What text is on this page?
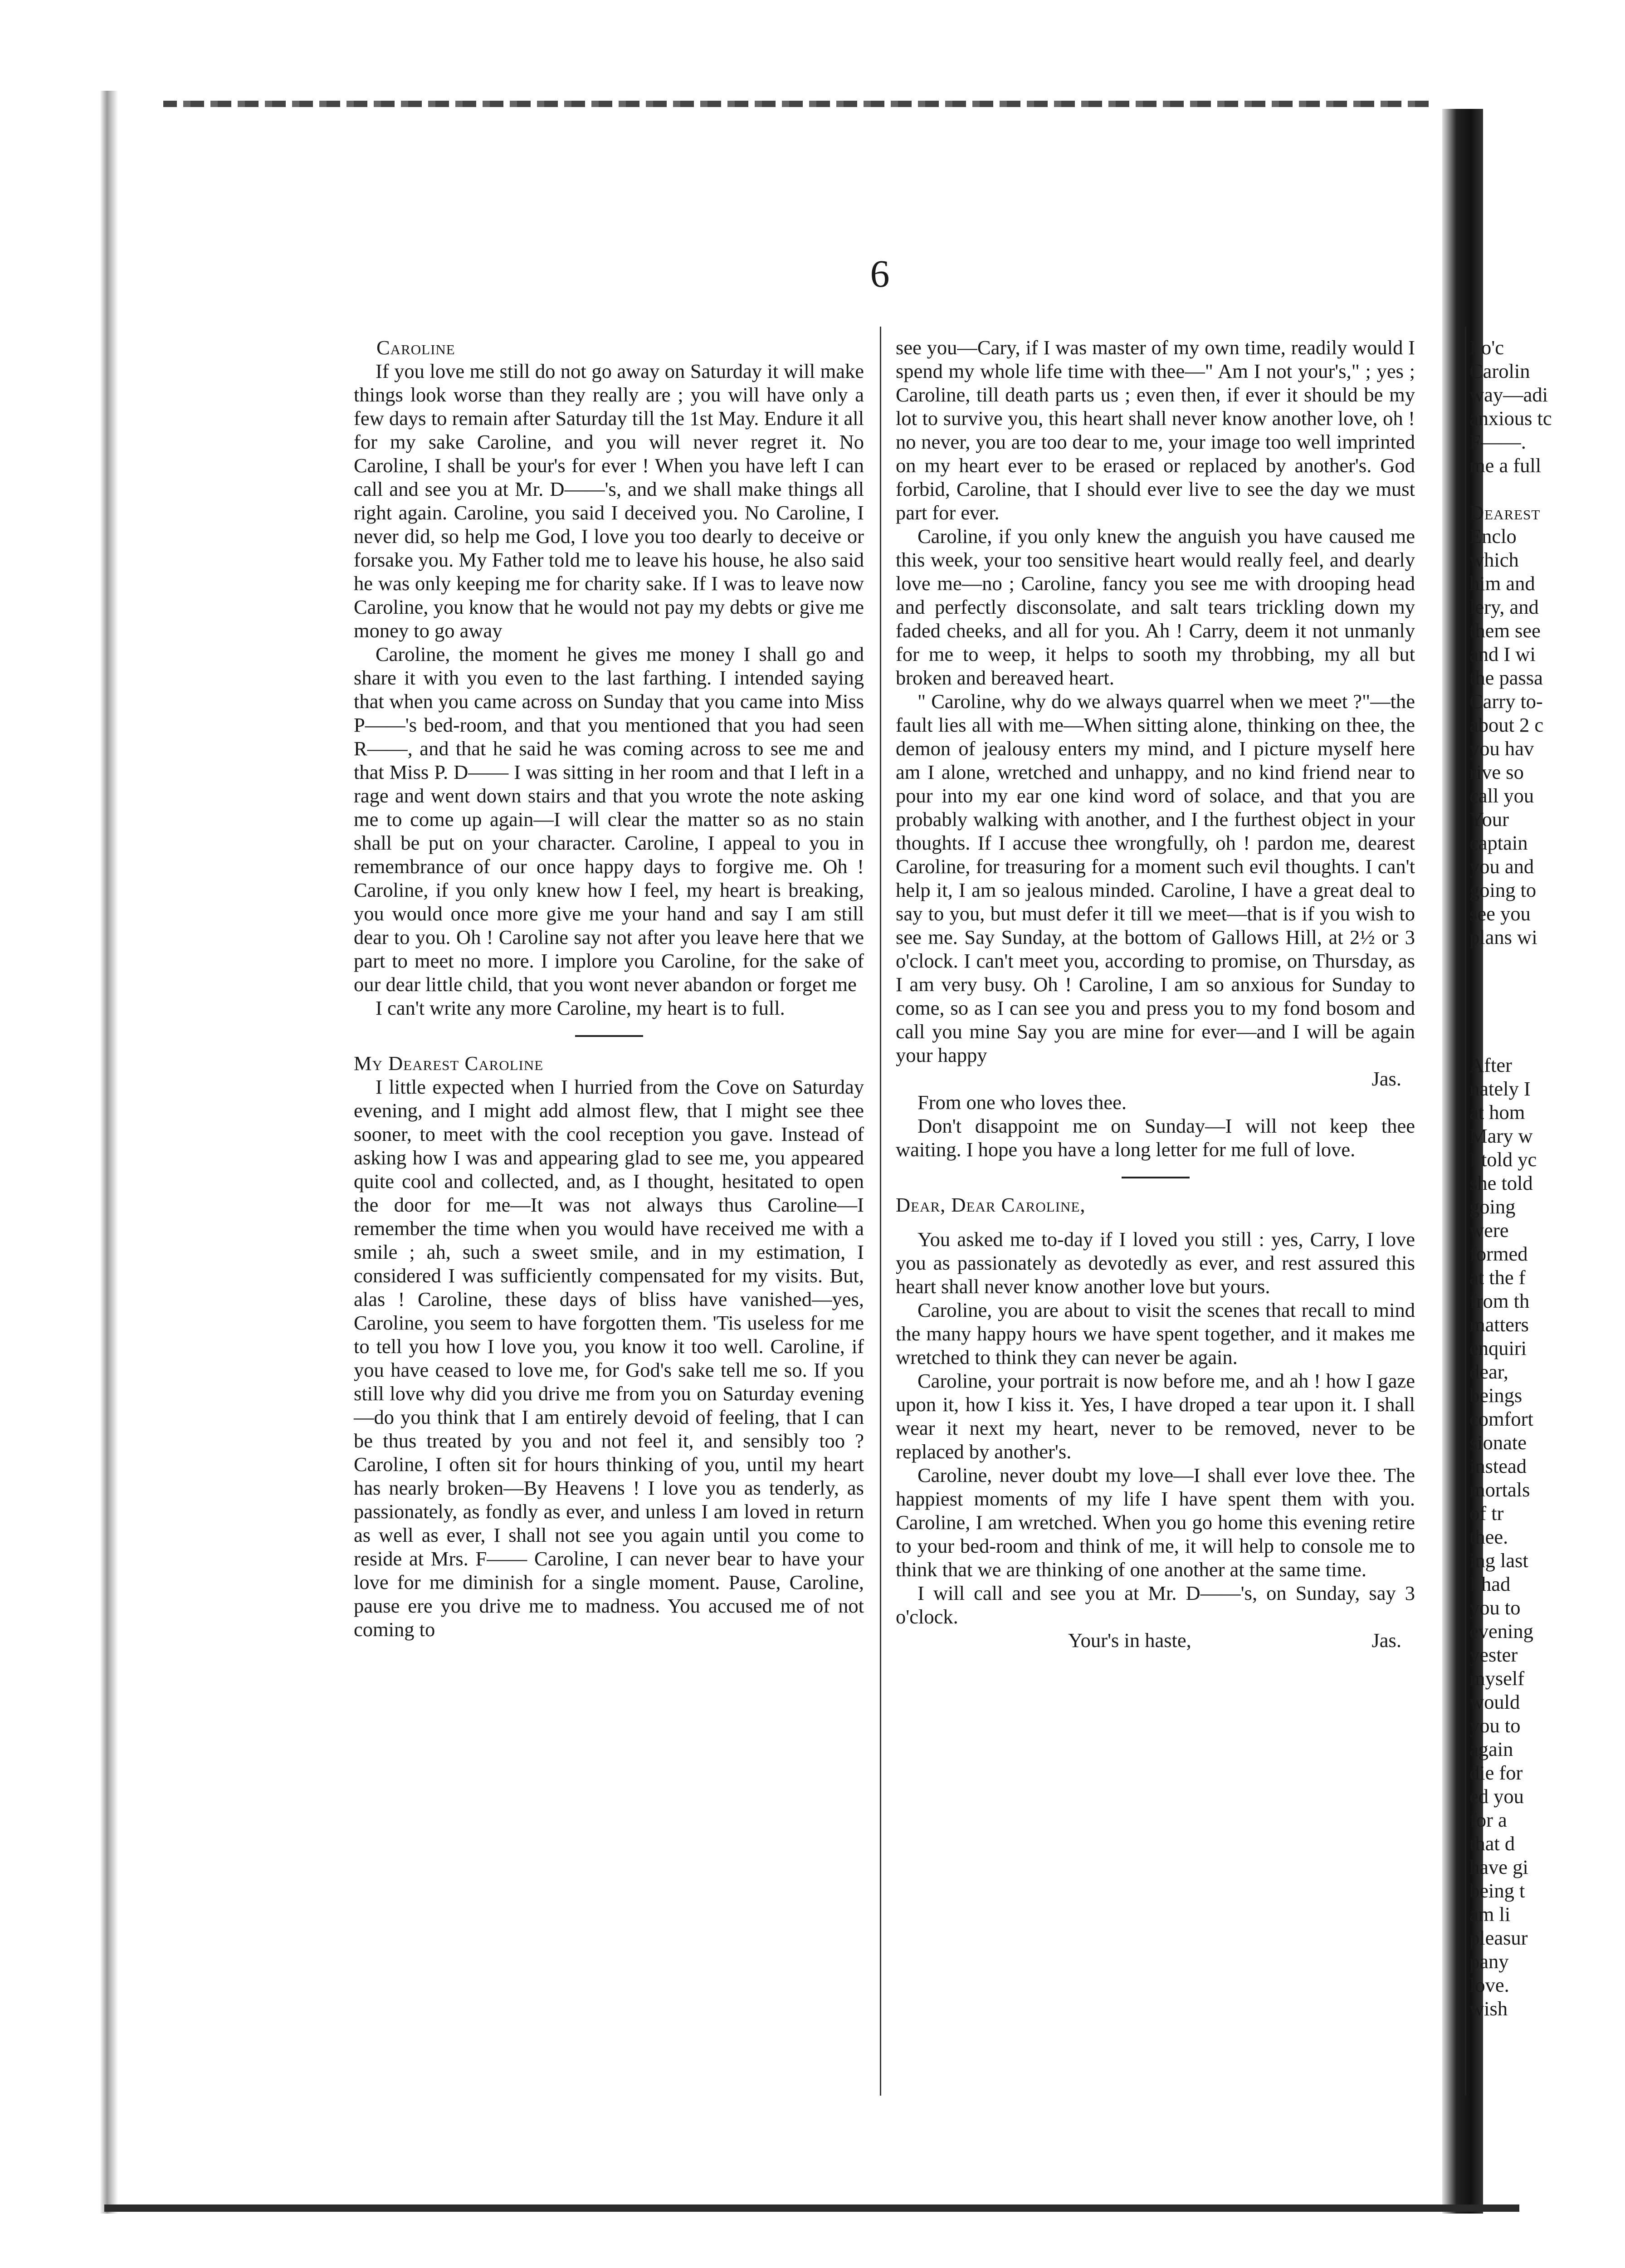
6

Caroline

If you love me still do not go away on Saturday it will make things look worse than they really are ; you will have only a few days to remain after Saturday till the 1st May. Endure it all for my sake Caroline, and you will never regret it. No Caroline, I shall be your's for ever ! When you have left I can call and see you at Mr. D——'s, and we shall make things all right again. Caroline, you said I deceived you. No Caroline, I never did, so help me God, I love you too dearly to deceive or forsake you. My Father told me to leave his house, he also said he was only keeping me for charity sake. If I was to leave now Caroline, you know that he would not pay my debts or give me money to go away

Caroline, the moment he gives me money I shall go and share it with you even to the last farthing. I intended saying that when you came across on Sunday that you came into Miss P——'s bed-room, and that you mentioned that you had seen R——, and that he said he was coming across to see me and that Miss P. D—— I was sitting in her room and that I left in a rage and went down stairs and that you wrote the note asking me to come up again—I will clear the matter so as no stain shall be put on your character. Caroline, I appeal to you in remembrance of our once happy days to forgive me. Oh ! Caroline, if you only knew how I feel, my heart is breaking, you would once more give me your hand and say I am still dear to you. Oh ! Caroline say not after you leave here that we part to meet no more. I implore you Caroline, for the sake of our dear little child, that you wont never abandon or forget me

I can't write any more Caroline, my heart is to full.

My Dearest Caroline

I little expected when I hurried from the Cove on Saturday evening, and I might add almost flew, that I might see thee sooner, to meet with the cool reception you gave. Instead of asking how I was and appearing glad to see me, you appeared quite cool and collected, and, as I thought, hesitated to open the door for me—It was not always thus Caroline—I remember the time when you would have received me with a smile ; ah, such a sweet smile, and in my estimation, I considered I was sufficiently compensated for my visits. But, alas ! Caroline, these days of bliss have vanished—yes, Caroline, you seem to have forgotten them. 'Tis useless for me to tell you how I love you, you know it too well. Caroline, if you have ceased to love me, for God's sake tell me so. If you still love why did you drive me from you on Saturday evening—do you think that I am entirely devoid of feeling, that I can be thus treated by you and not feel it, and sensibly too ? Caroline, I often sit for hours thinking of you, until my heart has nearly broken—By Heavens ! I love you as tenderly, as passionately, as fondly as ever, and unless I am loved in return as well as ever, I shall not see you again until you come to reside at Mrs. F—— Caroline, I can never bear to have your love for me diminish for a single moment. Pause, Caroline, pause ere you drive me to madness. You accused me of not coming to

see you—Cary, if I was master of my own time, readily would I spend my whole life time with thee—" Am I not your's," ; yes ; Caroline, till death parts us ; even then, if ever it should be my lot to survive you, this heart shall never know another love, oh ! no never, you are too dear to me, your image too well imprinted on my heart ever to be erased or replaced by another's. God forbid, Caroline, that I should ever live to see the day we must part for ever.

Caroline, if you only knew the anguish you have caused me this week, your too sensitive heart would really feel, and dearly love me—no ; Caroline, fancy you see me with drooping head and perfectly disconsolate, and salt tears trickling down my faded cheeks, and all for you. Ah ! Carry, deem it not unmanly for me to weep, it helps to sooth my throbbing, my all but broken and bereaved heart.

" Caroline, why do we always quarrel when we meet ?"—the fault lies all with me—When sitting alone, thinking on thee, the demon of jealousy enters my mind, and I picture myself here am I alone, wretched and unhappy, and no kind friend near to pour into my ear one kind word of solace, and that you are probably walking with another, and I the furthest object in your thoughts. If I accuse thee wrongfully, oh ! pardon me, dearest Caroline, for treasuring for a moment such evil thoughts. I can't help it, I am so jealous minded. Caroline, I have a great deal to say to you, but must defer it till we meet—that is if you wish to see me. Say Sunday, at the bottom of Gallows Hill, at 2½ or 3 o'clock. I can't meet you, according to promise, on Thursday, as I am very busy. Oh ! Caroline, I am so anxious for Sunday to come, so as I can see you and press you to my fond bosom and call you mine Say you are mine for ever—and I will be again your happy

Jas.

From one who loves thee.

Don't disappoint me on Sunday—I will not keep thee waiting. I hope you have a long letter for me full of love.

Dear, Dear Caroline,

You asked me to-day if I loved you still : yes, Carry, I love you as passionately as devotedly as ever, and rest assured this heart shall never know another love but yours.

Caroline, you are about to visit the scenes that recall to mind the many happy hours we have spent together, and it makes me wretched to think they can never be again.

Caroline, your portrait is now before me, and ah ! how I gaze upon it, how I kiss it. Yes, I have droped a tear upon it. I shall wear it next my heart, never to be removed, never to be replaced by another's.

Caroline, never doubt my love—I shall ever love thee. The happiest moments of my life I have spent them with you. Caroline, I am wretched. When you go home this evening retire to your bed-room and think of me, it will help to console me to think that we are thinking of one another at the same time.

I will call and see you at Mr. D——'s, on Sunday, say 3 o'clock.

Your's in haste,	Jas.

I o'c
Carolin
way—adi
anxious tc
F——.
me a full
Dearest
Enclo
which
him and
lery, and
them see
and I wi
the passa
Carry to-
about 2 c
you hav
rive so
call you
Your
captain
you and
going to
see you
plans wi
After
nately I
at hom
Mary w
I told yc
she told
going
were
formed
at the f
from th
matters
enquiri
dear,
beings
comfort
sionate
instead
mortals
of tr
thee.
ing last
I had
you to
evening
yester
myself
would
you to
again
die for
ed you
for a
that d
have gi
being t
am li
pleasur
pany
love.
wish
